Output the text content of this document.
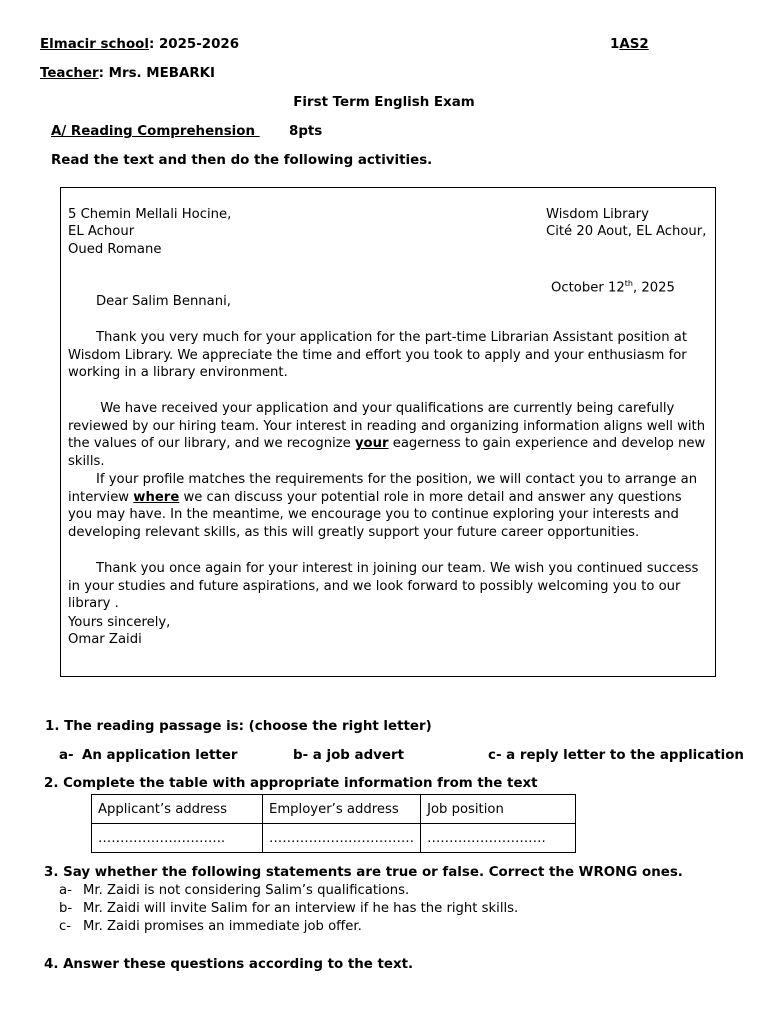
Elmacir school: 2025-2026	1AS2
Teacher: Mrs. MEBARKI
First Term English Exam
A/ Reading Comprehension 8pts
Read the text and then do the following activities.
5 Chemin Mellali Hocine,
EL Achour
Oued Romane
Wisdom Library
Cité 20 Aout, EL Achour,
October 12th, 2025
Dear Salim Bennani,
Thank you very much for your application for the part-time Librarian Assistant position at Wisdom Library. We appreciate the time and effort you took to apply and your enthusiasm for working in a library environment.
We have received your application and your qualifications are currently being carefully reviewed by our hiring team. Your interest in reading and organizing information aligns well with the values of our library, and we recognize your eagerness to gain experience and develop new skills.
If your profile matches the requirements for the position, we will contact you to arrange an interview where we can discuss your potential role in more detail and answer any questions you may have. In the meantime, we encourage you to continue exploring your interests and developing relevant skills, as this will greatly support your future career opportunities.
Thank you once again for your interest in joining our team. We wish you continued success in your studies and future aspirations, and we look forward to possibly welcoming you to our library .
Yours sincerely,
Omar Zaidi
1. The reading passage is: (choose the right letter)
a- An application letter	b- a job advert	c- a reply letter to the application
2. Complete the table with appropriate information from the text
Applicant’s address	Employer’s address	Job position
………………………..	……………………………	………………………
3. Say whether the following statements are true or false. Correct the WRONG ones.
a- Mr. Zaidi is not considering Salim’s qualifications.
b- Mr. Zaidi will invite Salim for an interview if he has the right skills.
c- Mr. Zaidi promises an immediate job offer.
4. Answer these questions according to the text.
